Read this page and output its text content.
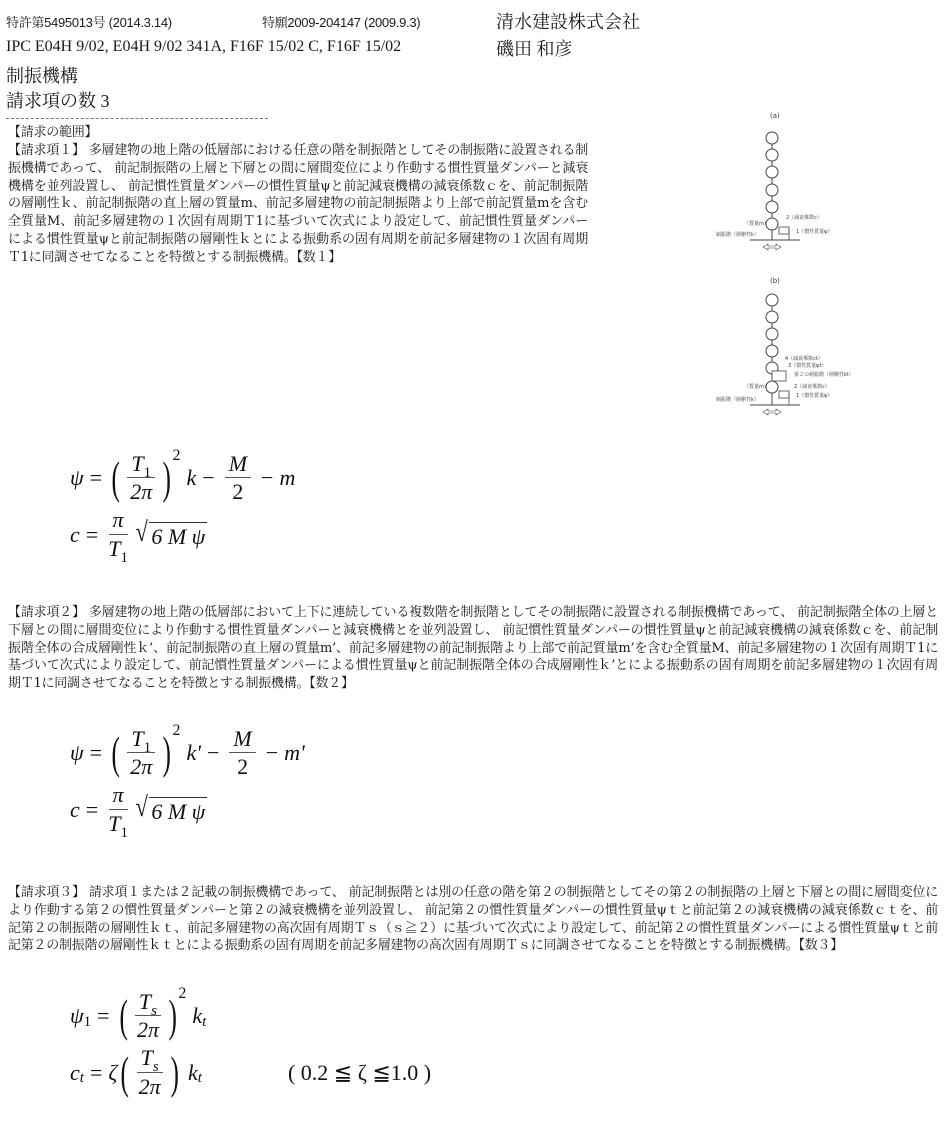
特許第5495013号 (2014.3.14)	特願2009-204147 (2009.9.3)	清水建設株式会社
IPC E04H 9/02, E04H 9/02 341A, F16F 15/02 C, F16F 15/02	磯田 和彦
制振機構
請求項の数 3
【請求の範囲】
【請求項１】 多層建物の地上階の低層部における任意の階を制振階としてその制振階に設置される制振機構であって、 前記制振階の上層と下層との間に層間変位により作動する慣性質量ダンパーと減衰機構を並列設置し、 前記慣性質量ダンパーの慣性質量ψと前記減衰機構の減衰係数ｃを、前記制振階の層剛性ｋ、前記制振階の直上層の質量m、前記多層建物の前記制振階より上部で前記質量mを含む全質量M、前記多層建物の１次固有周期Ｔ1に基づいて次式により設定して、前記慣性質量ダンパーによる慣性質量ψと前記制振階の層剛性ｋとによる振動系の固有周期を前記多層建物の１次固有周期Ｔ1に同調させてなることを特徴とする制振機構。【数１】
(a)
2（減衰係数c）
1（慣性質量ψ）
（質量m）
制振階（層剛性k）
(b)
4（減衰係数ct）
3（慣性質量ψt）
第２の制振階（層剛性kt）
（質量m）	2（減衰係数c）
1（慣性質量ψ）
制振階（層剛性k）
ψ = ( $\frac{T_1}{2\pi}$ ) 2
$k - \frac{M}{2} - m$
$c = \frac{\pi}{T_1}$ √ 6 M ψ
【請求項２】 多層建物の地上階の低層部において上下に連続している複数階を制振階としてその制振階に設置される制振機構であって、 前記制振階全体の上層と下層との間に層間変位により作動する慣性質量ダンパーと減衰機構とを並列設置し、 前記慣性質量ダンパーの慣性質量ψと前記減衰機構の減衰係数ｃを、前記制振階全体の合成層剛性ｋ’、前記制振階の直上層の質量m’、前記多層建物の前記制振階より上部で前記質量m’を含む全質量M、前記多層建物の１次固有周期Ｔ1に基づいて次式により設定して、前記慣性質量ダンパーによる慣性質量ψと前記制振階全体の合成層剛性ｋ’とによる振動系の固有周期を前記多層建物の１次固有周期Ｔ1に同調させてなることを特徴とする制振機構。【数２】
ψ = ( $\frac{T_1}{2\pi}$ ) 2
$k' - \frac{M}{2} - m'$
$c = \frac{\pi}{T_1}$ √ 6 M ψ
【請求項３】 請求項１または２記載の制振機構であって、 前記制振階とは別の任意の階を第２の制振階としてその第２の制振階の上層と下層との間に層間変位により作動する第２の慣性質量ダンパーと第２の減衰機構を並列設置し、 前記第２の慣性質量ダンパーの慣性質量ψｔと前記第２の減衰機構の減衰係数ｃｔを、前記第２の制振階の層剛性ｋｔ、前記多層建物の高次固有周期Ｔｓ（ｓ≧２）に基づいて次式により設定して、前記第２の慣性質量ダンパーによる慣性質量ψｔと前記第２の制振階の層剛性ｋｔとによる振動系の固有周期を前記多層建物の高次固有周期Ｔｓに同調させてなることを特徴とする制振機構。【数３】
ψ 1 = ( $\frac{T_s}{2\pi}$ ) 2
k t
c t = ζ ( $\frac{T_s}{2\pi}$ ) k t	( 0.2 ≦ ζ ≦1.0 )
